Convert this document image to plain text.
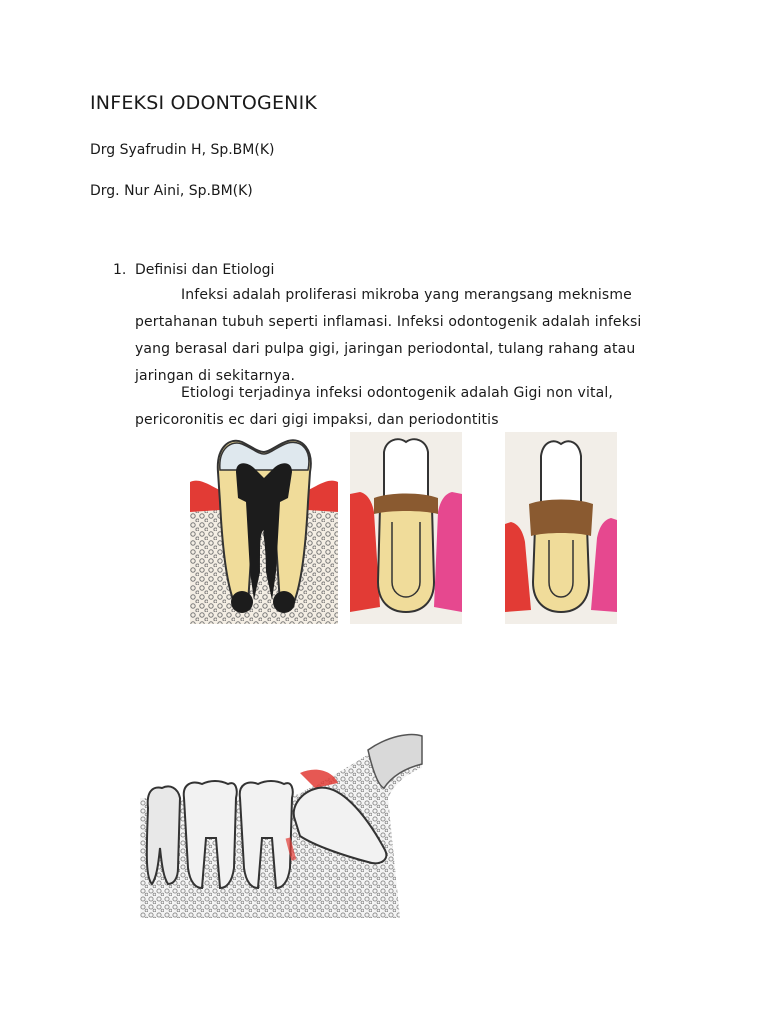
INFEKSI ODONTOGENIK
Drg Syafrudin H, Sp.BM(K)
Drg. Nur Aini, Sp.BM(K)
1. Definisi dan Etiologi
Infeksi adalah proliferasi mikroba yang merangsang meknisme pertahanan tubuh seperti inflamasi. Infeksi odontogenik adalah infeksi yang berasal dari pulpa gigi, jaringan periodontal, tulang rahang atau jaringan di sekitarnya.
Etiologi terjadinya infeksi odontogenik adalah Gigi non vital, pericoronitis ec dari gigi impaksi, dan periodontitis
